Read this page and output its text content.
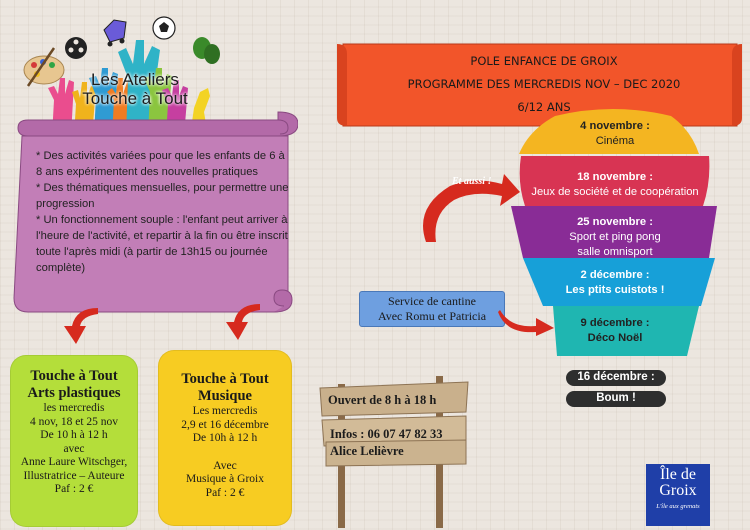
Les Ateliers
Touche à Tout

* Des activités variées pour que les enfants de 6 à 8 ans expérimentent des nouvelles pratiques

* Des thématiques mensuelles, pour permettre une progression

* Un fonctionnement souple : l'enfant peut arriver à l'heure de l'activité, et repartir à la fin ou être inscrit toute l'après midi (à partir de 13h15 ou journée complète)

Touche à Tout
Arts plastiques
les mercredis
4 nov, 18 et 25 nov
De 10 h à 12 h
avec
Anne Laure Witschger,
Illustratrice – Auteure
Paf : 2 €
Touche à Tout
Musique
Les mercredis
2,9 et 16 décembre
De 10h à 12 h
Avec
Musique à Groix
Paf : 2 €
POLE ENFANCE DE GROIX
PROGRAMME DES MERCREDIS NOV – DEC 2020
6/12 ANS
4 novembre :
Cinéma
18 novembre :
Jeux de société et de coopération
25 novembre :
Sport et ping pong
salle omnisport
2 décembre :
Les ptits cuistots !
9 décembre :
Déco Noël
16 décembre :
Boum !
Et aussi !
Service de cantine
Avec Romu et Patricia
Ouvert de 8 h à 18 h
Infos : 06 07 47 82 33
Alice Lelièvre
Île de
Groix
L'île aux grenats
